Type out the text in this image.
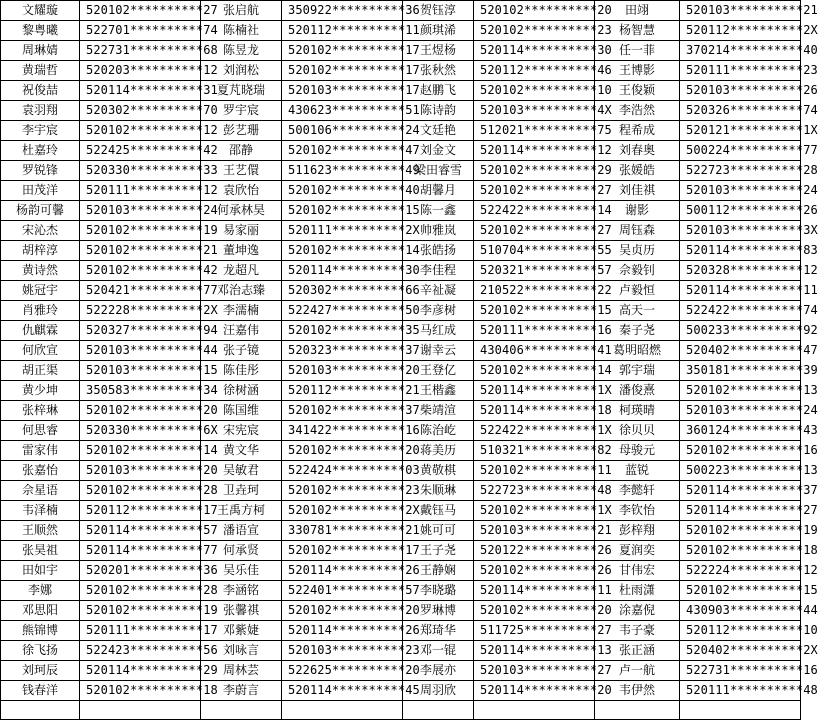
文耀璇	520102**********27	张启航	350922**********36	贺钰淳	520102**********20	田翊	520103**********21
黎粤曦	522701**********74	陈楠社	520112**********11	颜琪浠	520102**********23	杨智慧	520112**********2X
周琳婧	522731**********68	陈昱龙	520102**********17	王煜杨	520114**********30	任一菲	370214**********40
黄瑞哲	520203**********12	刘润松	520102**********17	张秋然	520112**********46	王博影	520111**********23
祝俊喆	520114**********31	夏芃晓瑞	520103**********17	赵鹏飞	520102**********10	王俊颖	520103**********26
袁羽翔	520302**********70	罗宇宸	430623**********51	陈诗韵	520103**********4X	李浩然	520326**********74
李宇宸	520102**********12	彭艺珊	500106**********24	文廷艳	512021**********75	程希成	520121**********1X
杜嘉玲	522425**********42	邵静	520102**********47	刘金文	520114**********12	刘春奥	500224**********77
罗锐锋	520330**********33	王艺儇	511623**********49	梁田睿雪	520102**********29	张媛皓	522723**********28
田茂洋	520111**********12	袁欣怡	520102**********40	胡馨月	520102**********27	刘佳祺	520103**********24
杨韵可馨	520103**********24	何承林昊	520102**********15	陈一鑫	522422**********14	谢影	500112**********26
宋沁杰	520102**********19	易家丽	520111**********2X	帅雅岚	520102**********27	周钰森	520103**********3X
胡梓淳	520102**********21	董坤逸	520102**********14	张皓扬	510704**********55	吴贞历	520114**********83
黄诗然	520102**********42	龙超凡	520114**********30	李佳程	520321**********57	佘毅钊	520328**********12
姚冠宇	520421**********77	邓治志臻	520302**********66	辛祉凝	210522**********22	卢毅恒	520114**********11
肖雅玲	522228**********2X	李濡楠	522427**********50	李彦树	520102**********15	高天一	522422**********74
仇麒霖	520327**********94	汪嘉伟	520102**********35	马红成	520111**********16	秦子尧	500233**********92
何欣宣	520103**********44	张子镜	520323**********37	谢幸云	430406**********41	葛明昭燃	520402**********47
胡正渠	520103**********15	陈佳彤	520103**********20	王登亿	520102**********14	郭宇瑞	350181**********39
黄少坤	350583**********34	徐树涵	520112**********21	王楷鑫	520114**********1X	潘俊熹	520102**********13
张梓琳	520102**********20	陈国维	520102**********37	柴靖渲	520114**********18	柯瑛晴	520103**********24
何思睿	520330**********6X	宋宪宸	341422**********16	陈治屹	522422**********1X	徐贝贝	360124**********43
雷家伟	520102**********14	黄文华	520102**********20	蒋美历	510321**********82	母骏元	520102**********16
张嘉怡	520103**********20	吴敏君	522424**********03	黄敬棋	520102**********11	蓝锐	500223**********13
佘星语	520102**********28	卫垚珂	520102**********23	朱顺琳	522723**********48	李懿轩	520114**********37
韦泽楠	520112**********17	王禹方柯	520102**********2X	戴钰马	520102**********1X	李钦怡	520114**********27
王顺然	520114**********57	潘语宣	330781**********21	姚可可	520103**********21	彭梓翔	520102**********19
张昊祖	520114**********77	何承贤	520102**********17	王子尧	520122**********26	夏润奕	520102**********18
田如宇	520201**********36	吴乐佳	520114**********26	王静娴	520102**********26	甘伟宏	522224**********12
李娜	520102**********28	李涵铭	522401**********57	李晓璐	520114**********11	杜雨潇	520102**********15
邓思阳	520102**********19	张馨祺	520102**********20	罗琳博	520102**********20	涂嘉倪	430903**********44
熊锦博	520111**********17	邓紫婕	520114**********26	郑琦华	511725**********27	韦子豪	520112**********10
徐飞扬	522423**********56	刘咏言	520103**********23	邓一锟	520114**********13	张正涵	520402**********2X
刘珂辰	520114**********29	周林芸	522625**********20	李展亦	520103**********27	卢一航	522731**********16
钱春洋	520102**********18	李蔚言	520114**********45	周羽欣	520114**********20	韦伊然	520111**********48
